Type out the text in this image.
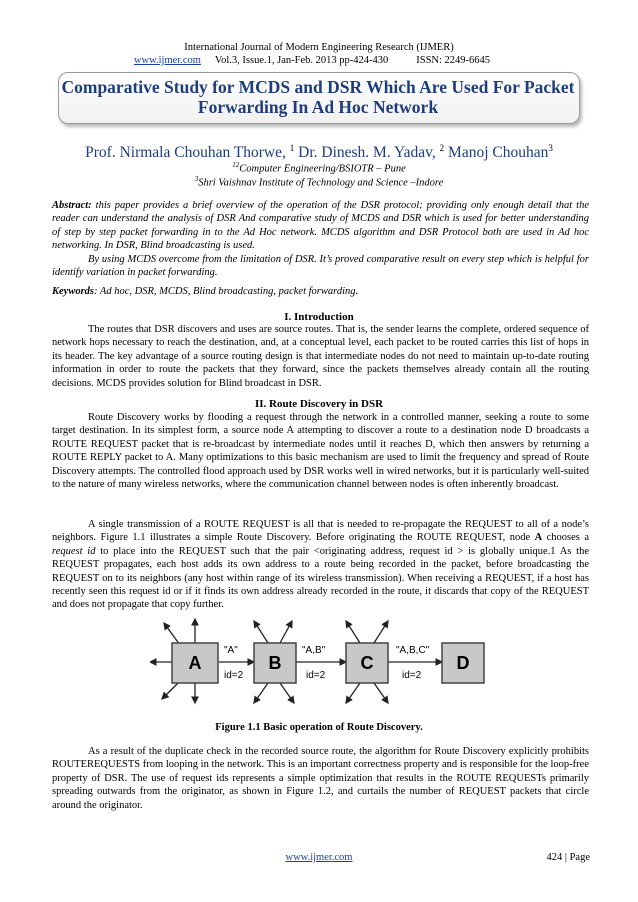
International Journal of Modern Engineering Research (IJMER)
www.ijmer.com Vol.3, Issue.1, Jan-Feb. 2013 pp-424-430	ISSN: 2249-6645
Comparative Study for MCDS and DSR Which Are Used For Packet Forwarding In Ad Hoc Network
Prof. Nirmala Chouhan Thorwe, $^1$ Dr. Dinesh. M. Yadav, $^2$ Manoj Chouhan$^3$
$^{12}$Computer Engineering/BSIOTR – Pune
$^3$Shri Vaishnav Institute of Technology and Science –Indore
Abstract: this paper provides a brief overview of the operation of the DSR protocol; providing only enough detail that the reader can understand the analysis of DSR And comparative study of MCDS and DSR which is used for better understanding of step by step packet forwarding in to the Ad Hoc network. MCDS algorithm and DSR Protocol both are used in Ad hoc networking. In DSR, Blind broadcasting is used.
By using MCDS overcome from the limitation of DSR. It’s proved comparative result on every step which is helpful for identify variation in packet forwarding.
Keywords: Ad hoc, DSR, MCDS, Blind broadcasting, packet forwarding.
I. Introduction
The routes that DSR discovers and uses are source routes. That is, the sender learns the complete, ordered sequence of network hops necessary to reach the destination, and, at a conceptual level, each packet to be routed carries this list of hops in its header. The key advantage of a source routing design is that intermediate nodes do not need to maintain up-to-date routing information in order to route the packets that they forward, since the packets themselves already contain all the routing decisions. MCDS provides solution for Blind broadcast in DSR.
II. Route Discovery in DSR
Route Discovery works by flooding a request through the network in a controlled manner, seeking a route to some target destination. In its simplest form, a source node A attempting to discover a route to a destination node D broadcasts a ROUTE REQUEST packet that is re-broadcast by intermediate nodes until it reaches D, which then answers by returning a ROUTE REPLY packet to A. Many optimizations to this basic mechanism are used to limit the frequency and spread of Route Discovery attempts. The controlled flood approach used by DSR works well in wired networks, but it is particularly well-suited to the nature of many wireless networks, where the communication channel between nodes is often inherently broadcast.
A single transmission of a ROUTE REQUEST is all that is needed to re-propagate the REQUEST to all of a node’s neighbors. Figure 1.1 illustrates a simple Route Discovery. Before originating the ROUTE REQUEST, node A chooses a request id to place into the REQUEST such that the pair <originating address, request id > is globally unique.1 As the REQUEST propagates, each host adds its own address to a route being recorded in the packet, before broadcasting the REQUEST on to its neighbors (any host within range of its wireless transmission). When receiving a REQUEST, if a host has recently seen this request id or if it finds its own address already recorded in the route, it discards that copy of the REQUEST and does not propagate that copy further.
A	B	C	D
"A"	"A,B"	"A,B,C"
id=2	id=2	id=2
Figure 1.1 Basic operation of Route Discovery.
As a result of the duplicate check in the recorded source route, the algorithm for Route Discovery explicitly prohibits ROUTEREQUESTS from looping in the network. This is an important correctness property and is responsible for the loop-free property of DSR. The use of request ids represents a simple optimization that results in the ROUTE REQUESTs primarily spreading outwards from the originator, as shown in Figure 1.2, and curtails the number of REQUEST packets that circle around the originator.
www.ijmer.com	424 | Page
